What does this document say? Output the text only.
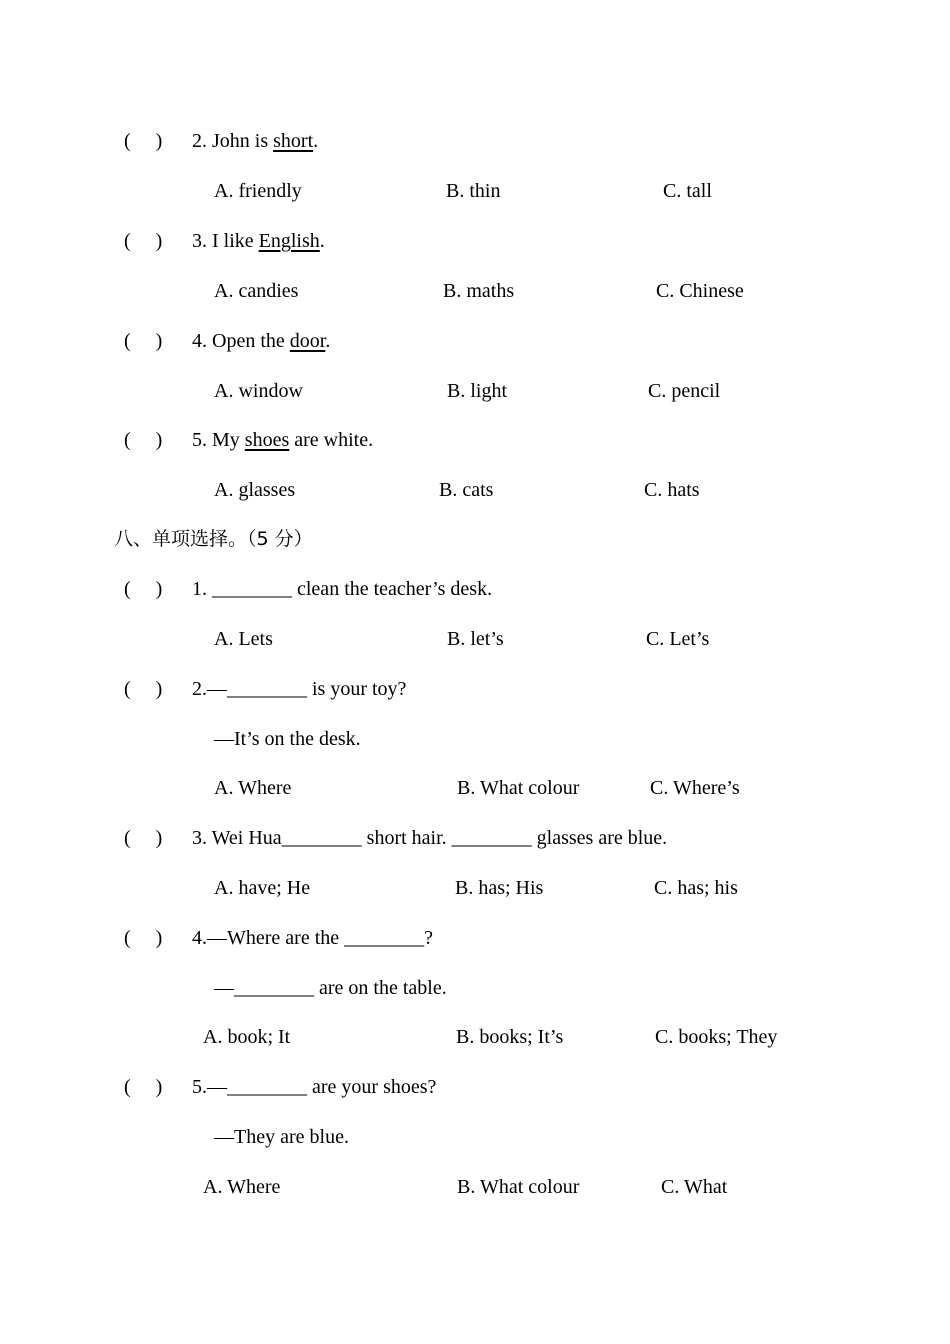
(     ) 2. John is short.
A. friendly	B. thin	C. tall
(     ) 3. I like English.
A. candies	B. maths	C. Chinese
(     ) 4. Open the door.
A. window	B. light	C. pencil
(     ) 5. My shoes are white.
A. glasses	B. cats	C. hats
八、单项选择。（5 分）
(     ) 1. ________ clean the teacher’s desk.
A. Lets	B. let’s	C. Let’s
(     ) 2.—________ is your toy?
—It’s on the desk.
A. Where	B. What colour	C. Where’s
(     ) 3. Wei Hua________ short hair. ________ glasses are blue.
A. have; He	B. has; His	C. has; his
(     ) 4.—Where are the ________?
—________ are on the table.
A. book; It	B. books; It’s	C. books; They
(     ) 5.—________ are your shoes?
—They are blue.
A. Where	B. What colour	C. What
